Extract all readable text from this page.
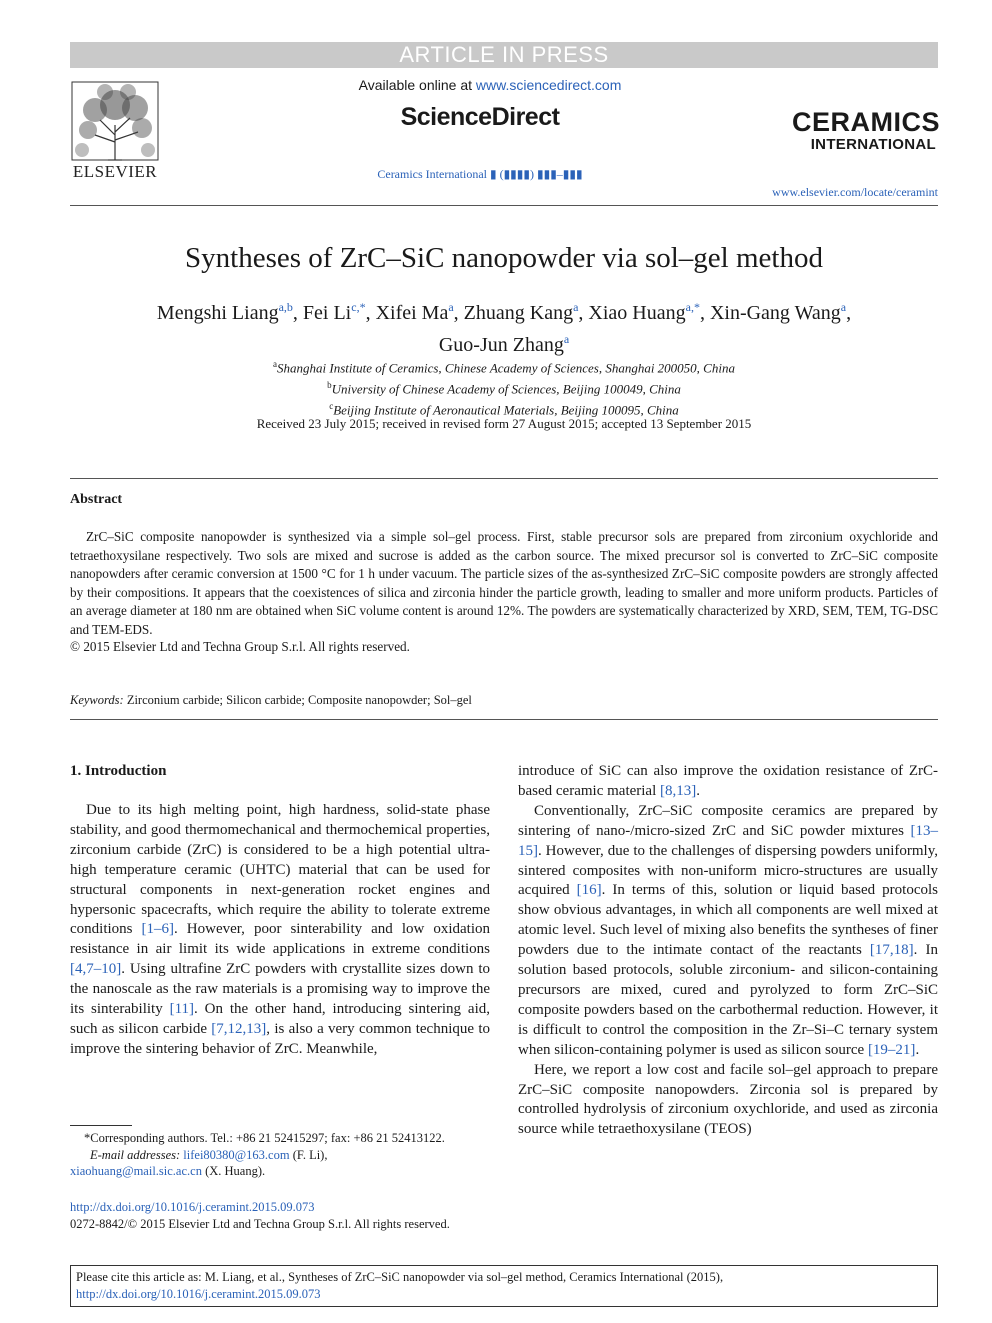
ARTICLE IN PRESS
ELSEVIER
Available online at www.sciencedirect.com
ScienceDirect
Ceramics International ▮ (▮▮▮▮) ▮▮▮–▮▮▮
CERAMICS
INTERNATIONAL
www.elsevier.com/locate/ceramint
Syntheses of ZrC–SiC nanopowder via sol–gel method
Mengshi Liang$^{a,b}$, Fei $Li^{c,*}$, Xifei Ma$^a$, Zhuang Kang$^a$, Xiao Huang$^{a,*}$, Xin-Gang Wang$^a$,
Guo-Jun Zhang$^a$
$^a$Shanghai Institute of Ceramics, Chinese Academy of Sciences, Shanghai 200050, China
$^b$University of Chinese Academy of Sciences, Beijing 100049, China
$^c$Beijing Institute of Aeronautical Materials, Beijing 100095, China
Received 23 July 2015; received in revised form 27 August 2015; accepted 13 September 2015
Abstract

ZrC–SiC composite nanopowder is synthesized via a simple sol–gel process. First, stable precursor sols are prepared from zirconium oxychloride and tetraethoxysilane respectively. Two sols are mixed and sucrose is added as the carbon source. The mixed precursor sol is converted to ZrC–SiC composite nanopowders after ceramic conversion at 1500 °C for 1 h under vacuum. The particle sizes of the as-synthesized ZrC–SiC composite powders are strongly affected by their compositions. It appears that the coexistences of silica and zirconia hinder the particle growth, leading to smaller and more uniform products. Particles of an average diameter at 180 nm are obtained when SiC volume content is around 12%. The powders are systematically characterized by XRD, SEM, TEM, TG-DSC and TEM-EDS.

© 2015 Elsevier Ltd and Techna Group S.r.l. All rights reserved.
Keywords: Zirconium carbide; Silicon carbide; Composite nanopowder; Sol–gel
1. Introduction

Due to its high melting point, high hardness, solid-state phase stability, and good thermomechanical and thermochemical properties, zirconium carbide (ZrC) is considered to be a high potential ultra-high temperature ceramic (UHTC) material that can be used for structural components in next-generation rocket engines and hypersonic spacecrafts, which require the ability to tolerate extreme conditions [1–6]. However, poor sinterability and low oxidation resistance in air limit its wide applications in extreme conditions [4,7–10]. Using ultrafine ZrC powders with crystallite sizes down to the nanoscale as the raw materials is a promising way to improve the its sinterability [11]. On the other hand, introducing sintering aid, such as silicon carbide [7,12,13], is also a very common technique to improve the sintering behavior of ZrC. Meanwhile,

introduce of SiC can also improve the oxidation resistance of ZrC-based ceramic material [8,13].

Conventionally, ZrC–SiC composite ceramics are prepared by sintering of nano-/micro-sized ZrC and SiC powder mixtures [13–15]. However, due to the challenges of dispersing powders uniformly, sintered composites with non-uniform micro-structures are usually acquired [16]. In terms of this, solution or liquid based protocols show obvious advantages, in which all components are well mixed at atomic level. Such level of mixing also benefits the syntheses of finer powders due to the intimate contact of the reactants [17,18]. In solution based protocols, soluble zirconium- and silicon-containing precursors are mixed, cured and pyrolyzed to form ZrC–SiC composite powders based on the carbothermal reduction. However, it is difficult to control the composition in the Zr–Si–C ternary system when silicon-containing polymer is used as silicon source [19–21].

Here, we report a low cost and facile sol–gel approach to prepare ZrC–SiC composite nanopowders. Zirconia sol is prepared by controlled hydrolysis of zirconium oxychloride, and used as zirconia source while tetraethoxysilane (TEOS)

*Corresponding authors. Tel.: +86 21 52415297; fax: +86 21 52413122.
E-mail addresses: lifei80380@163.com (F. Li),
xiaohuang@mail.sic.ac.cn (X. Huang).
http://dx.doi.org/10.1016/j.ceramint.2015.09.073
0272-8842/© 2015 Elsevier Ltd and Techna Group S.r.l. All rights reserved.
Please cite this article as: M. Liang, et al., Syntheses of ZrC–SiC nanopowder via sol–gel method, Ceramics International (2015), http://dx.doi.org/10.1016/j.ceramint.2015.09.073
